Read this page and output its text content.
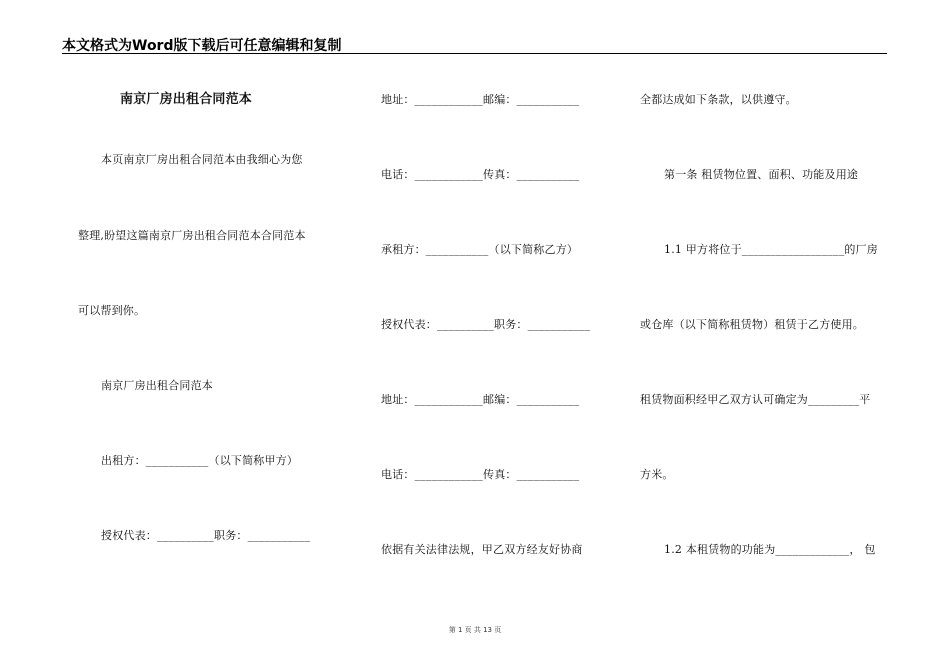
本文格式为Word版下载后可任意编辑和复制
南京厂房出租合同范本
本页南京厂房出租合同范本由我细心为您
整理,盼望这篇南京厂房出租合同范本合同范本
可以帮到你。
南京厂房出租合同范本
出租方：___________（以下简称甲方）
授权代表：__________职务：___________
地址：____________邮编：___________
电话：____________传真：___________
承租方：___________（以下简称乙方）
授权代表：__________职务：___________
地址：____________邮编：___________
电话：____________传真：___________
依据有关法律法规，甲乙双方经友好协商
全都达成如下条款，以供遵守。
第一条 租赁物位置、面积、功能及用途
1.1 甲方将位于__________________的厂房
或仓库（以下简称租赁物）租赁于乙方使用。
租赁物面积经甲乙双方认可确定为_________平
方米。
1.2 本租赁物的功能为_____________， 包
第 1 页 共 13 页
